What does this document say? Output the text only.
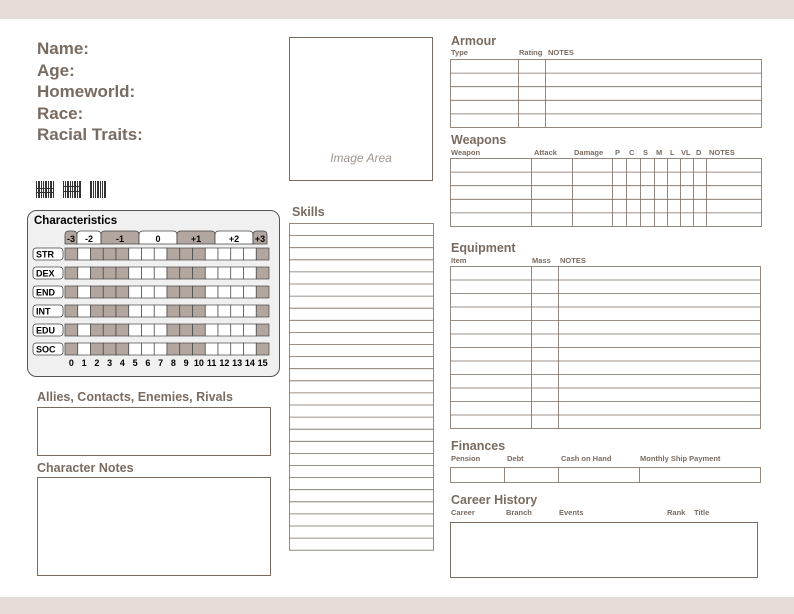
Name:
Age:
Homeworld:
Race:
Racial Traits:
Characteristics
-3 -2	-1	0	+1	+2 +3
STR
DEX
END
INT
EDU
SOC
0 1 2 3 4 5 6 7 8 9 10 11 12 13 14 15
Allies, Contacts, Enemies, Rivals
Character Notes
Image Area
Skills
Armour
Type	Rating NOTES
Weapons
Weapon	Attack Damage P C S M L VL D NOTES
Equipment
Item	Mass NOTES
Finances
Pension	Debt	Cash on Hand	Monthly Ship Payment
Career History
Career	Branch	Events	Rank Title
